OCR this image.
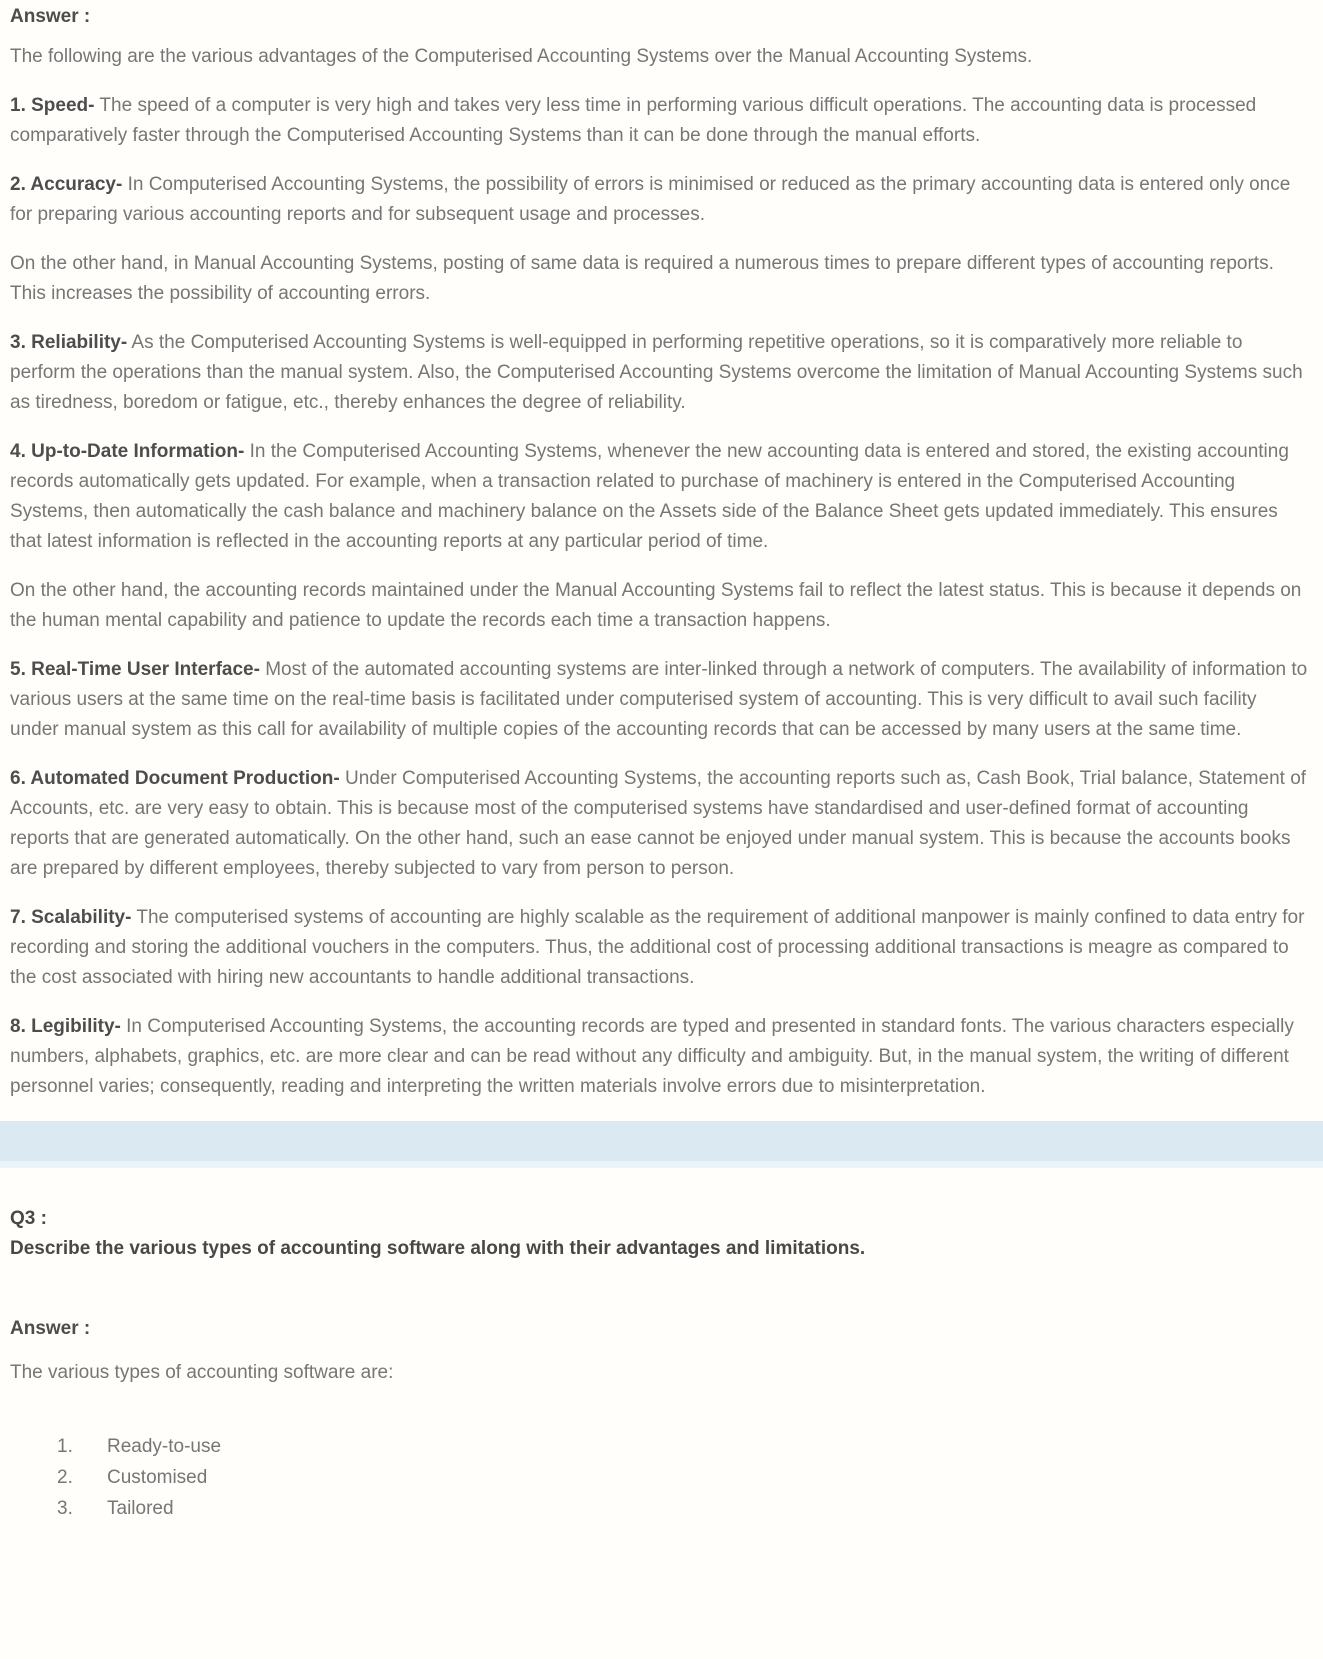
Answer :

The following are the various advantages of the Computerised Accounting Systems over the Manual Accounting Systems.

1. Speed- The speed of a computer is very high and takes very less time in performing various difficult operations. The accounting data is processed comparatively faster through the Computerised Accounting Systems than it can be done through the manual efforts.

2. Accuracy- In Computerised Accounting Systems, the possibility of errors is minimised or reduced as the primary accounting data is entered only once for preparing various accounting reports and for subsequent usage and processes.

On the other hand, in Manual Accounting Systems, posting of same data is required a numerous times to prepare different types of accounting reports. This increases the possibility of accounting errors.

3. Reliability- As the Computerised Accounting Systems is well-equipped in performing repetitive operations, so it is comparatively more reliable to perform the operations than the manual system. Also, the Computerised Accounting Systems overcome the limitation of Manual Accounting Systems such as tiredness, boredom or fatigue, etc., thereby enhances the degree of reliability.

4. Up-to-Date Information- In the Computerised Accounting Systems, whenever the new accounting data is entered and stored, the existing accounting records automatically gets updated. For example, when a transaction related to purchase of machinery is entered in the Computerised Accounting Systems, then automatically the cash balance and machinery balance on the Assets side of the Balance Sheet gets updated immediately. This ensures that latest information is reflected in the accounting reports at any particular period of time.

On the other hand, the accounting records maintained under the Manual Accounting Systems fail to reflect the latest status. This is because it depends on the human mental capability and patience to update the records each time a transaction happens.

5. Real-Time User Interface- Most of the automated accounting systems are inter-linked through a network of computers. The availability of information to various users at the same time on the real-time basis is facilitated under computerised system of accounting. This is very difficult to avail such facility under manual system as this call for availability of multiple copies of the accounting records that can be accessed by many users at the same time.

6. Automated Document Production- Under Computerised Accounting Systems, the accounting reports such as, Cash Book, Trial balance, Statement of Accounts, etc. are very easy to obtain. This is because most of the computerised systems have standardised and user-defined format of accounting reports that are generated automatically. On the other hand, such an ease cannot be enjoyed under manual system. This is because the accounts books are prepared by different employees, thereby subjected to vary from person to person.

7. Scalability- The computerised systems of accounting are highly scalable as the requirement of additional manpower is mainly confined to data entry for recording and storing the additional vouchers in the computers. Thus, the additional cost of processing additional transactions is meagre as compared to the cost associated with hiring new accountants to handle additional transactions.

8. Legibility- In Computerised Accounting Systems, the accounting records are typed and presented in standard fonts. The various characters especially numbers, alphabets, graphics, etc. are more clear and can be read without any difficulty and ambiguity. But, in the manual system, the writing of different personnel varies; consequently, reading and interpreting the written materials involve errors due to misinterpretation.

Q3 :
Describe the various types of accounting software along with their advantages and limitations.
Answer :

The various types of accounting software are:

1. Ready-to-use
2. Customised
3. Tailored
